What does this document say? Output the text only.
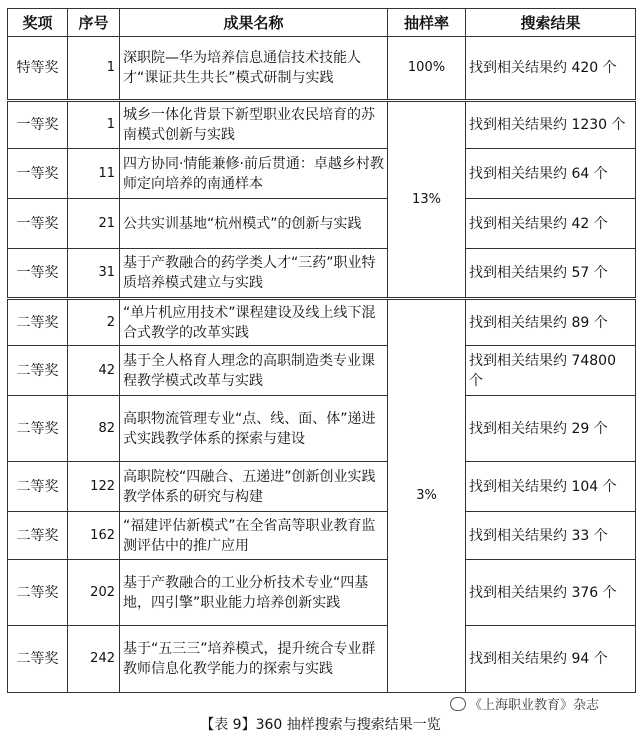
奖项	序号	成果名称	抽样率	搜索结果
特等奖	1	深职院—华为培养信息通信技术技能人才“课证共生共长”模式研制与实践	100%	找到相关结果约 420 个
一等奖	1	城乡一体化背景下新型职业农民培育的苏南模式创新与实践	13%	找到相关结果约 1230 个
一等奖	11	四方协同·情能兼修·前后贯通：卓越乡村教师定向培养的南通样本		找到相关结果约 64 个
一等奖	21	公共实训基地“杭州模式”的创新与实践		找到相关结果约 42 个
一等奖	31	基于产教融合的药学类人才“三药”职业特质培养模式建立与实践		找到相关结果约 57 个
二等奖	2	“单片机应用技术”课程建设及线上线下混合式教学的改革实践	3%	找到相关结果约 89 个
二等奖	42	基于全人格育人理念的高职制造类专业课程教学模式改革与实践		找到相关结果约 74800 个
二等奖	82	高职物流管理专业“点、线、面、体”递进式实践教学体系的探索与建设		找到相关结果约 29 个
二等奖	122	高职院校“四融合、五递进”创新创业实践教学体系的研究与构建		找到相关结果约 104 个
二等奖	162	“福建评估新模式”在全省高等职业教育监测评估中的推广应用		找到相关结果约 33 个
二等奖	202	基于产教融合的工业分析技术专业“四基地，四引擎”职业能力培养创新实践		找到相关结果约 376 个
二等奖	242	基于“五三三”培养模式，提升统合专业群教师信息化教学能力的探索与实践		找到相关结果约 94 个
《上海职业教育》杂志
【表 9】360 抽样搜索与搜索结果一览
